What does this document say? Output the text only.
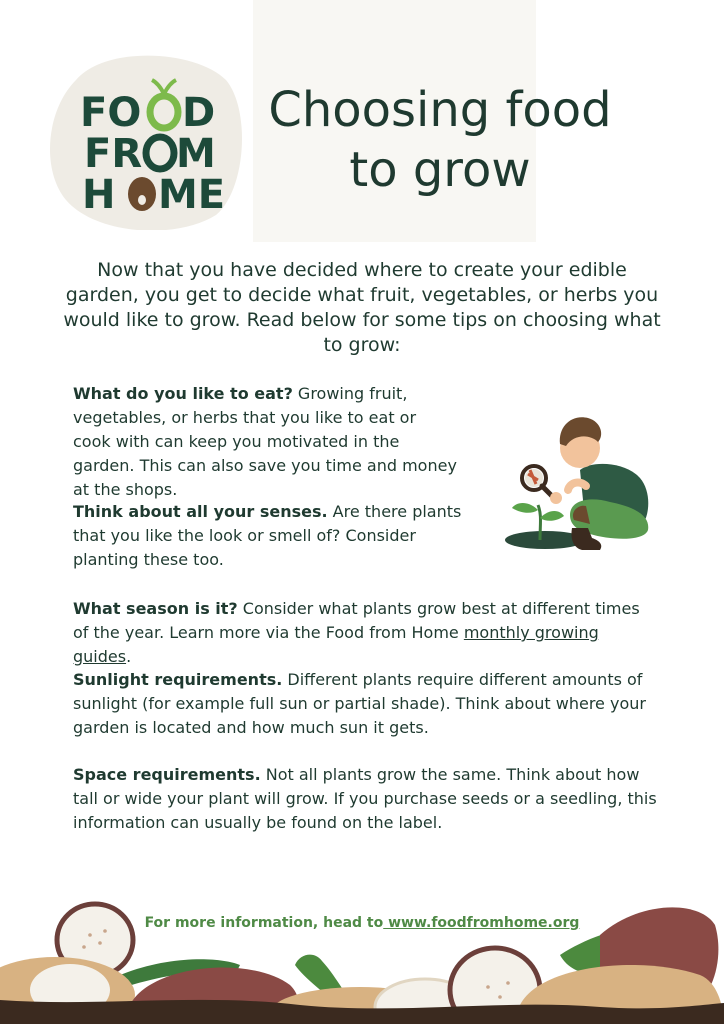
FO D
FR M
H ME
Choosing food
to grow

Now that you have decided where to create your edible garden, you get to decide what fruit, vegetables, or herbs you would like to grow. Read below for some tips on choosing what to grow:

What do you like to eat? Growing fruit, vegetables, or herbs that you like to eat or cook with can keep you motivated in the garden. This can also save you time and money at the shops.

Think about all your senses. Are there plants that you like the look or smell of? Consider planting these too.

What season is it? Consider what plants grow best at different times of the year. Learn more via the Food from Home monthly growing guides.

Sunlight requirements. Different plants require different amounts of sunlight (for example full sun or partial shade). Think about where your garden is located and how much sun it gets.

Space requirements. Not all plants grow the same. Think about how tall or wide your plant will grow. If you purchase seeds or a seedling, this information can usually be found on the label.

For more information, head to www.foodfromhome.org
